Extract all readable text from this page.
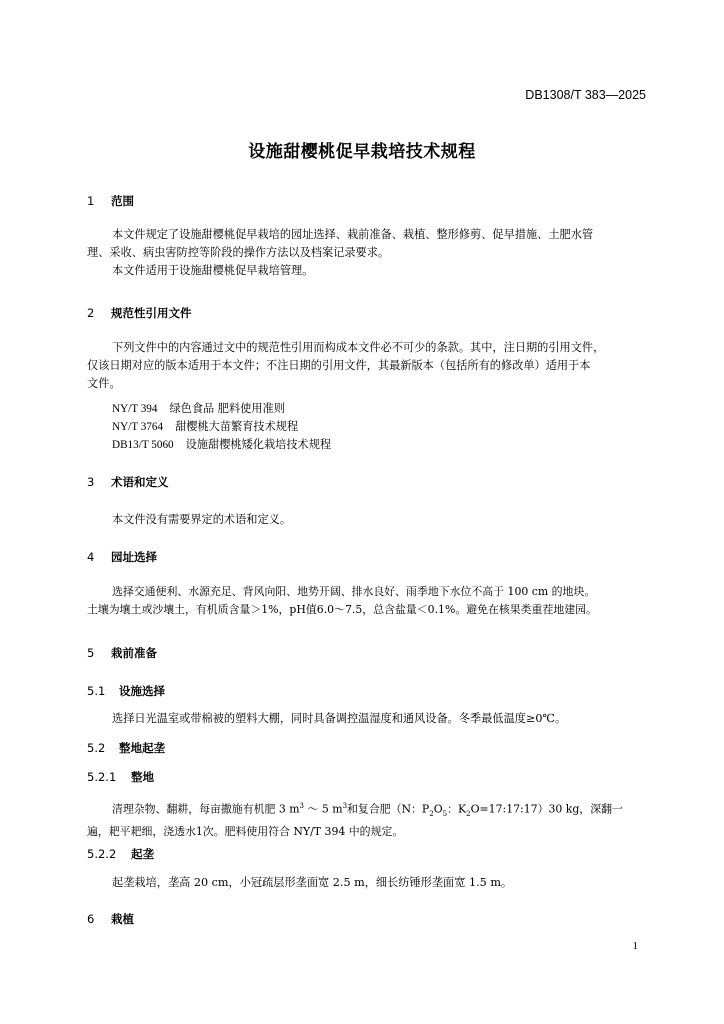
DB1308/T 383—2025
设施甜樱桃促早栽培技术规程
1 范围
本文件规定了设施甜樱桃促早栽培的园址选择、栽前准备、栽植、整形修剪、促早措施、土肥水管
理、采收、病虫害防控等阶段的操作方法以及档案记录要求。
本文件适用于设施甜樱桃促早栽培管理。
2 规范性引用文件
下列文件中的内容通过文中的规范性引用而构成本文件必不可少的条款。其中，注日期的引用文件，
仅该日期对应的版本适用于本文件；不注日期的引用文件，其最新版本（包括所有的修改单）适用于本
文件。
NY/T 394 绿色食品 肥料使用准则
NY/T 3764 甜樱桃大苗繁育技术规程
DB13/T 5060 设施甜樱桃矮化栽培技术规程
3 术语和定义
本文件没有需要界定的术语和定义。
4 园址选择
选择交通便利、水源充足、背风向阳、地势开阔、排水良好、雨季地下水位不高于 100 cm 的地块。
土壤为壤土或沙壤土，有机质含量＞1%，pH值6.0～7.5，总含盐量＜0.1%。避免在核果类重茬地建园。
5 栽前准备
5.1 设施选择
选择日光温室或带棉被的塑料大棚，同时具备调控温湿度和通风设备。冬季最低温度≥0℃。
5.2 整地起垄
5.2.1 整地
清理杂物、翻耕，每亩撒施有机肥 3 $m^3$ ～ 5 $m^3$和复合肥（N：$P_2O_5$：$K_2O=17:17:17)30$ kg，深翻一
遍，耙平耙细，浇透水1次。肥料使用符合 NY/T 394 中的规定。
5.2.2 起垄
起垄栽培，垄高 20 cm，小冠疏层形垄面宽 2.5 m，细长纺锤形垄面宽 1.5 m。
6 栽植
1
